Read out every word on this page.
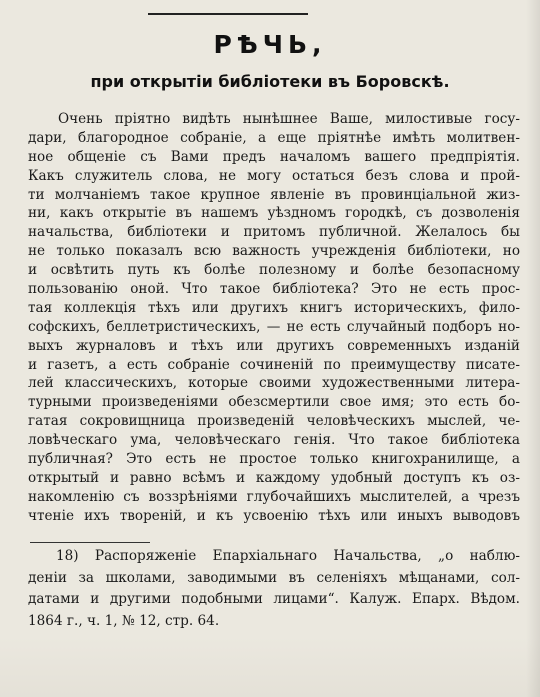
РѢЧЬ,
при открытіи библіотеки въ Боровскѣ.
Очень пріятно видѣть нынѣшнее Ваше, милостивые госу-
дари, благородное собраніе, а еще пріятнѣе имѣть молитвен-
ное общеніе съ Вами предъ началомъ вашего предпріятія.
Какъ служитель слова, не могу остаться безъ слова и прой-
ти молчаніемъ такое крупное явленіе въ провинціальной жиз-
ни, какъ открытіе въ нашемъ уѣздномъ городкѣ, съ дозволенія
начальства, библіотеки и притомъ публичной. Желалось бы
не только показалъ всю важность учрежденія библіотеки, но
и освѣтить путь къ болѣе полезному и болѣе безопасному
пользованію оной. Что такое библіотека? Это не есть прос-
тая коллекція тѣхъ или другихъ книгъ историческихъ, фило-
софскихъ, беллетристическихъ, — не есть случайный подборъ но-
выхъ журналовъ и тѣхъ или другихъ современныхъ изданій
и газетъ, а есть собраніе сочиненій по преимуществу писате-
лей классическихъ, которые своими художественными литера-
турными произведеніями обезсмертили свое имя; это есть бо-
гатая сокровищница произведеній человѣческихъ мыслей, че-
ловѣческаго ума, человѣческаго генія. Что такое библіотека
публичная? Это есть не простое только книгохранилище, а
открытый и равно всѣмъ и каждому удобный доступъ къ оз-
накомленію съ воззрѣніями глубочайшихъ мыслителей, а чрезъ
чтеніе ихъ твореній, и къ усвоенію тѣхъ или иныхъ выводовъ
18) Распоряженіе Епархіальнаго Начальства, „о наблю-
деніи за школами, заводимыми въ селеніяхъ мѣщанами, сол-
датами и другими подобными лицами“. Калуж. Епарх. Вѣдом.
1864 г., ч. 1, № 12, стр. 64.
